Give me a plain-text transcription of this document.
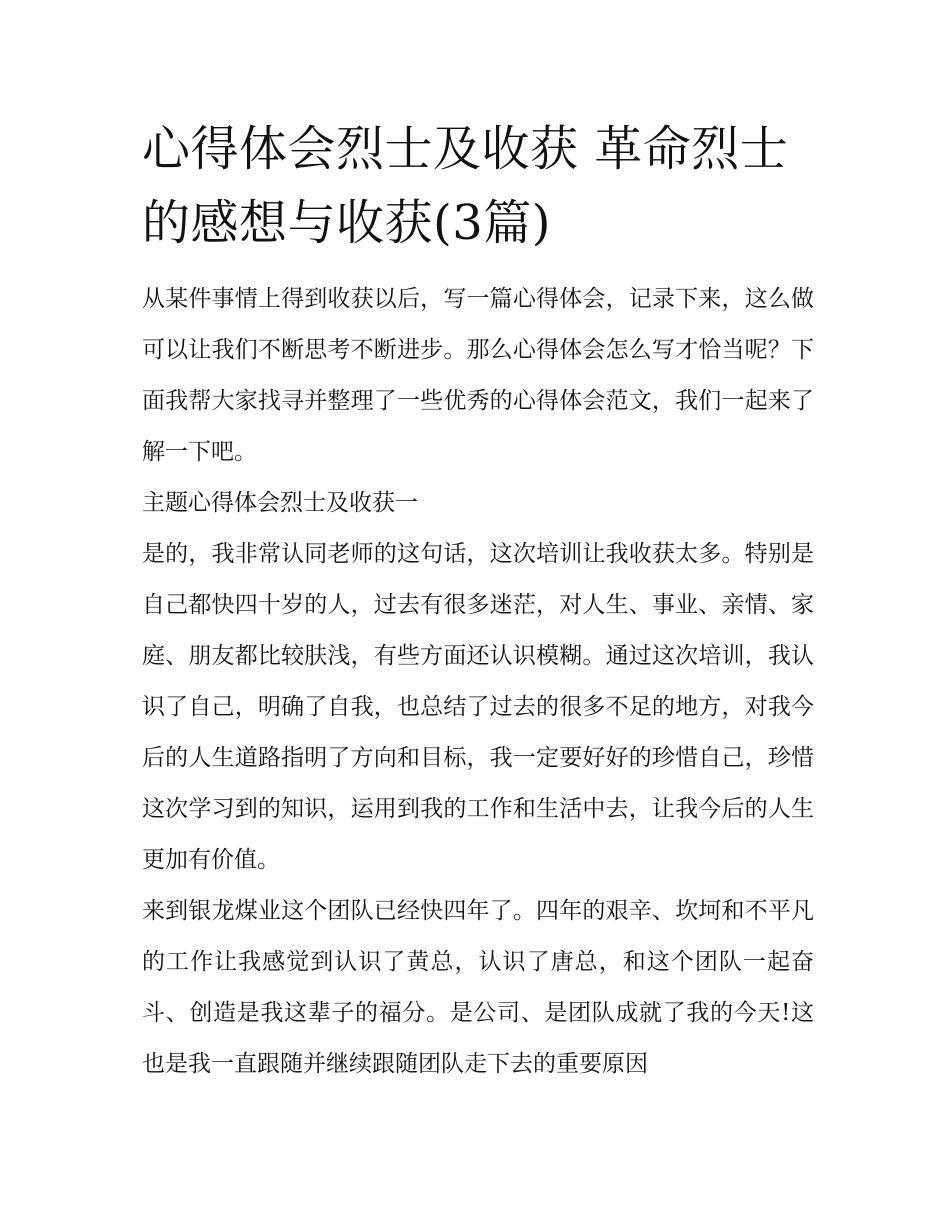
心得体会烈士及收获 革命烈士的感想与收获(3篇)

从某件事情上得到收获以后，写一篇心得体会，记录下来，这么做可以让我们不断思考不断进步。那么心得体会怎么写才恰当呢？下面我帮大家找寻并整理了一些优秀的心得体会范文，我们一起来了解一下吧。

主题心得体会烈士及收获一

是的，我非常认同老师的这句话，这次培训让我收获太多。特别是自己都快四十岁的人，过去有很多迷茫，对人生、事业、亲情、家庭、朋友都比较肤浅，有些方面还认识模糊。通过这次培训，我认识了自己，明确了自我，也总结了过去的很多不足的地方，对我今后的人生道路指明了方向和目标，我一定要好好的珍惜自己，珍惜这次学习到的知识，运用到我的工作和生活中去，让我今后的人生更加有价值。

来到银龙煤业这个团队已经快四年了。四年的艰辛、坎坷和不平凡的工作让我感觉到认识了黄总，认识了唐总，和这个团队一起奋斗、创造是我这辈子的福分。是公司、是团队成就了我的今天!这也是我一直跟随并继续跟随团队走下去的重要原因
